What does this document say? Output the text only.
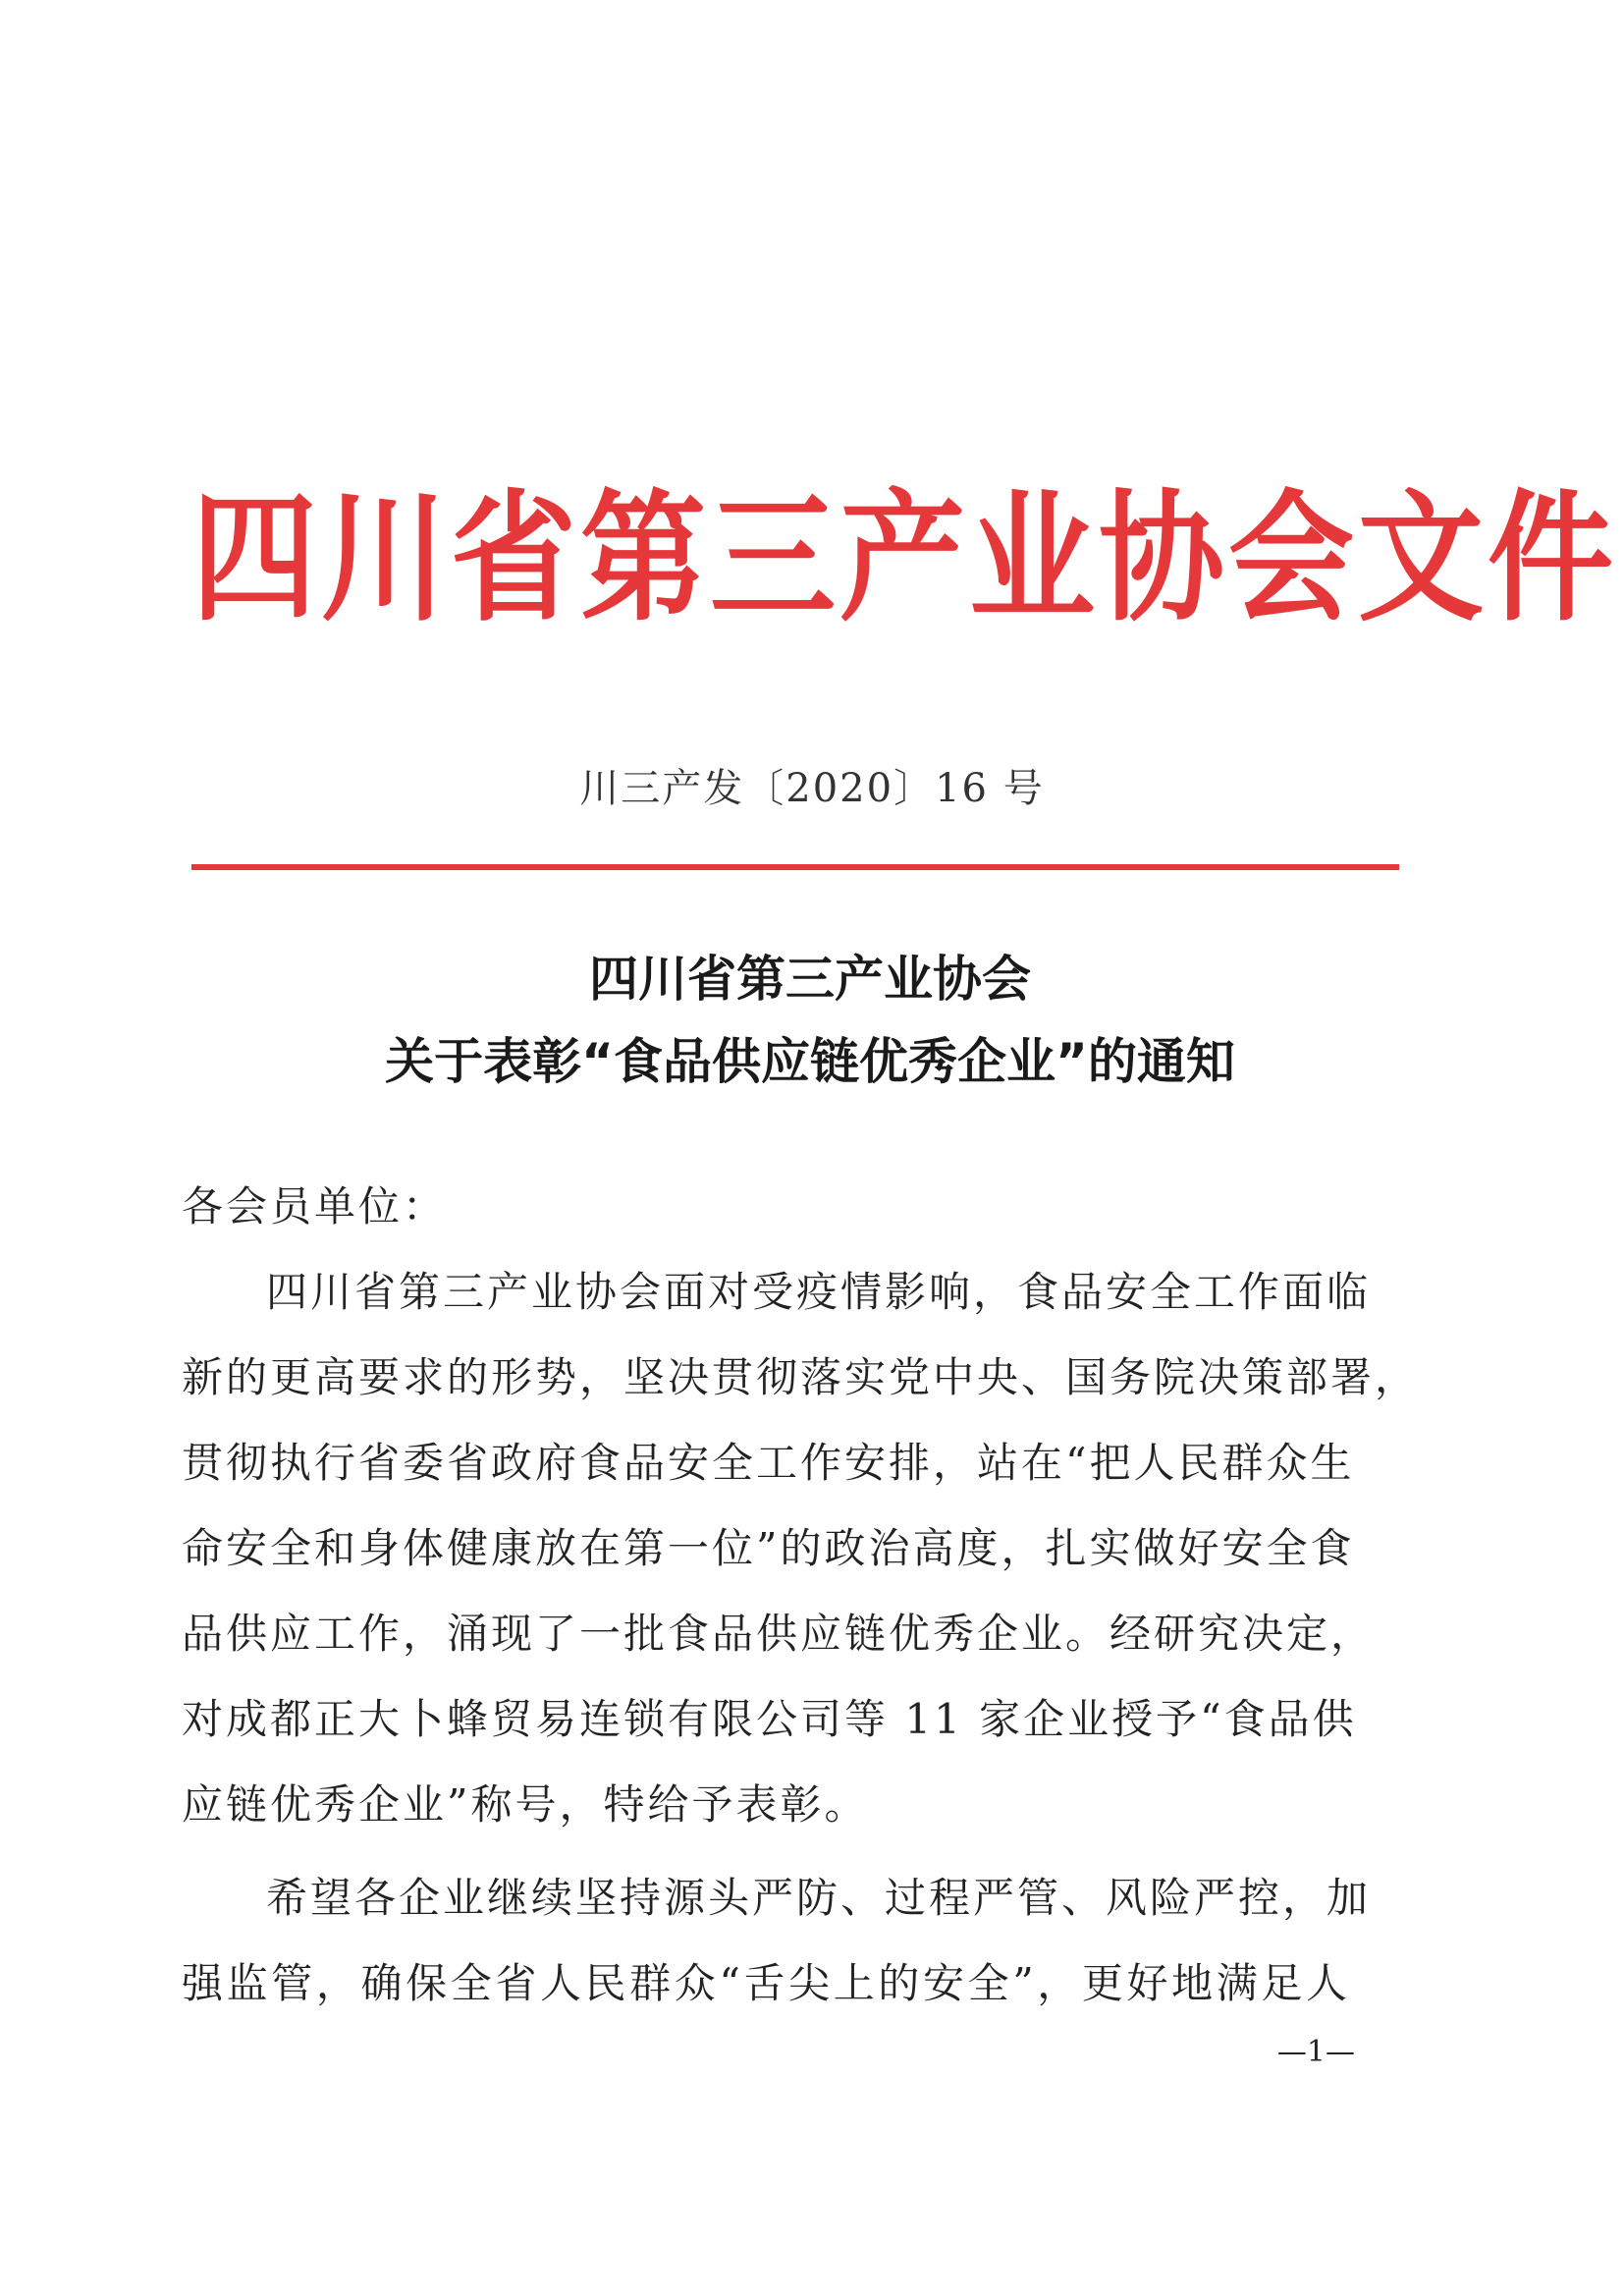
四川省第三产业协会文件
川三产发〔2020〕16 号
四川省第三产业协会
关于表彰“食品供应链优秀企业”的通知
各会员单位：
四川省第三产业协会面对受疫情影响，食品安全工作面临
新的更高要求的形势，坚决贯彻落实党中央、国务院决策部署，
贯彻执行省委省政府食品安全工作安排，站在“把人民群众生
命安全和身体健康放在第一位”的政治高度，扎实做好安全食
品供应工作，涌现了一批食品供应链优秀企业。经研究决定，
对成都正大卜蜂贸易连锁有限公司等 11 家企业授予“食品供
应链优秀企业”称号，特给予表彰。
希望各企业继续坚持源头严防、过程严管、风险严控，加
强监管，确保全省人民群众“舌尖上的安全”，更好地满足人
—1—
